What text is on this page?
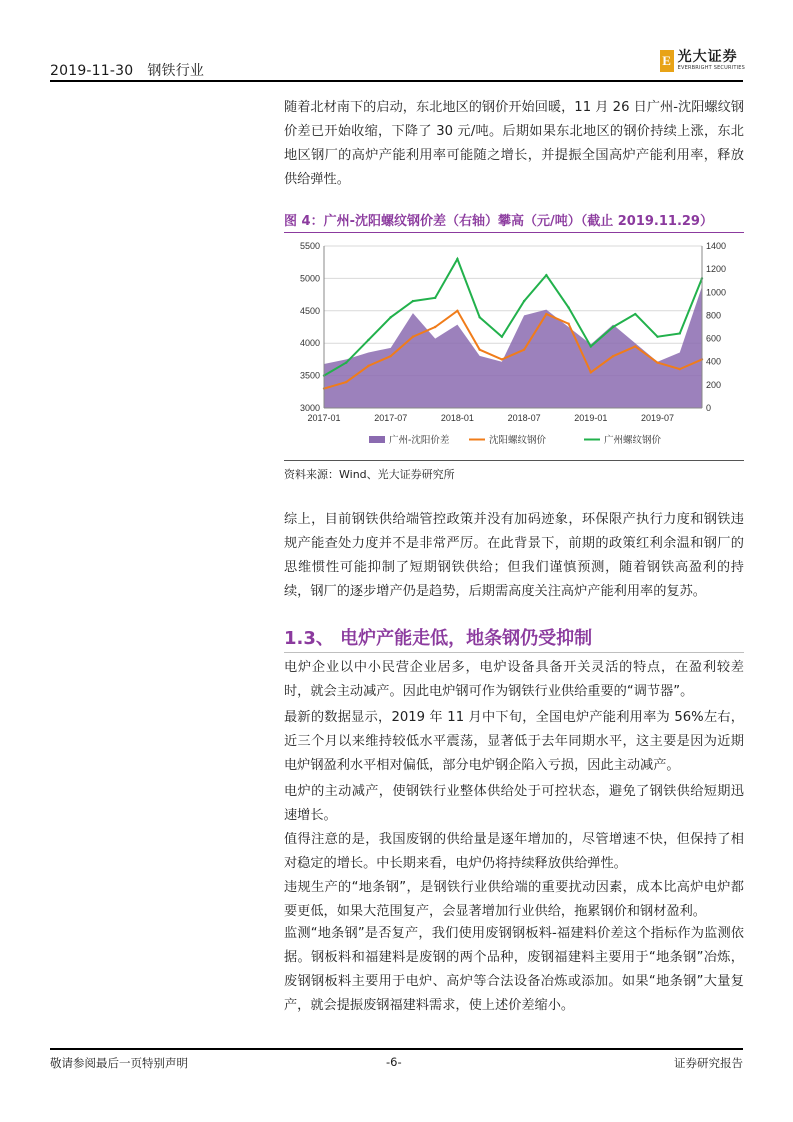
2019-11-30 钢铁行业
E 光大证券
EVERBRIGHT SECURITIES
随着北材南下的启动，东北地区的钢价开始回暖，11 月 26 日广州-沈阳螺纹钢价差已开始收缩，下降了 30 元/吨。后期如果东北地区的钢价持续上涨，东北地区钢厂的高炉产能利用率可能随之增长，并提振全国高炉产能利用率，释放供给弹性。
图 4：广州-沈阳螺纹钢价差（右轴）攀高（元/吨）（截止 2019.11.29）
3000
3500
4000
4500
5000
5500
0
200
400
600
800
1000
1200
1400
2017-01	2017-07	2018-01	2018-07	2019-01	2019-07
广州-沈阳价差	沈阳螺纹钢价	广州螺纹钢价
资料来源：Wind、光大证券研究所
综上，目前钢铁供给端管控政策并没有加码迹象，环保限产执行力度和钢铁违规产能查处力度并不是非常严厉。在此背景下，前期的政策红利余温和钢厂的思维惯性可能抑制了短期钢铁供给；但我们谨慎预测，随着钢铁高盈利的持续，钢厂的逐步增产仍是趋势，后期需高度关注高炉产能利用率的复苏。
1.3、 电炉产能走低，地条钢仍受抑制
电炉企业以中小民营企业居多，电炉设备具备开关灵活的特点，在盈利较差时，就会主动减产。因此电炉钢可作为钢铁行业供给重要的“调节器”。
最新的数据显示，2019 年 11 月中下旬，全国电炉产能利用率为 56%左右，近三个月以来维持较低水平震荡，显著低于去年同期水平，这主要是因为近期电炉钢盈利水平相对偏低，部分电炉钢企陷入亏损，因此主动减产。
电炉的主动减产，使钢铁行业整体供给处于可控状态，避免了钢铁供给短期迅速增长。
值得注意的是，我国废钢的供给量是逐年增加的，尽管增速不快，但保持了相对稳定的增长。中长期来看，电炉仍将持续释放供给弹性。
违规生产的“地条钢”，是钢铁行业供给端的重要扰动因素，成本比高炉电炉都要更低，如果大范围复产，会显著增加行业供给，拖累钢价和钢材盈利。
监测“地条钢”是否复产，我们使用废钢钢板料-福建料价差这个指标作为监测依据。钢板料和福建料是废钢的两个品种，废钢福建料主要用于“地条钢”冶炼，废钢钢板料主要用于电炉、高炉等合法设备冶炼或添加。如果“地条钢”大量复产，就会提振废钢福建料需求，使上述价差缩小。
敬请参阅最后一页特别声明	-6-	证券研究报告
